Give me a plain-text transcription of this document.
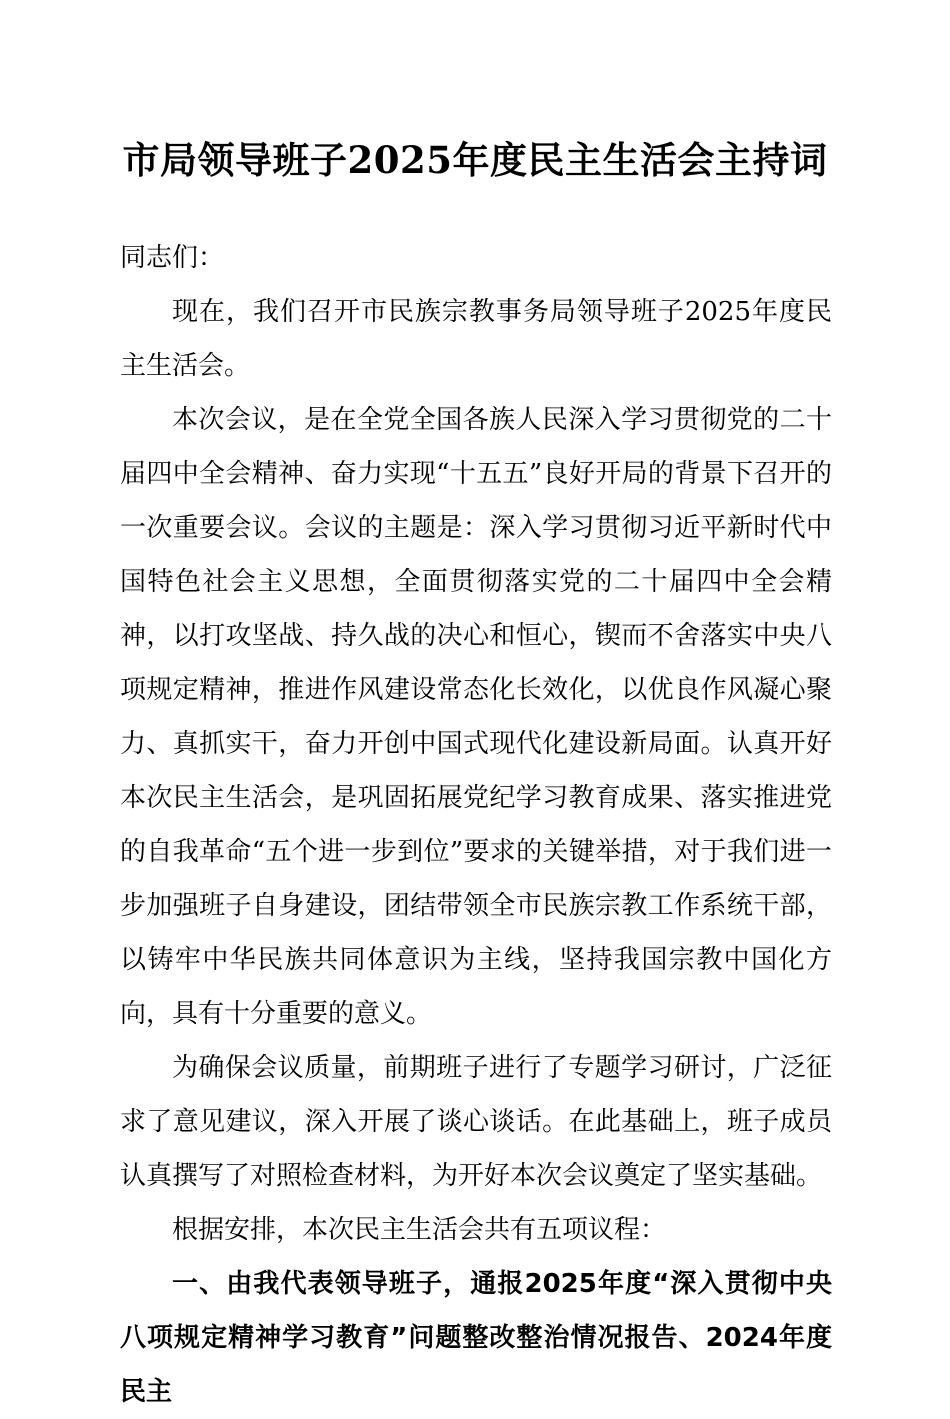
市局领导班子2025年度民主生活会主持词

同志们：

现在，我们召开市民族宗教事务局领导班子2025年度民主生活会。

本次会议，是在全党全国各族人民深入学习贯彻党的二十届四中全会精神、奋力实现“十五五”良好开局的背景下召开的一次重要会议。会议的主题是：深入学习贯彻习近平新时代中国特色社会主义思想，全面贯彻落实党的二十届四中全会精神，以打攻坚战、持久战的决心和恒心，锲而不舍落实中央八项规定精神，推进作风建设常态化长效化，以优良作风凝心聚力、真抓实干，奋力开创中国式现代化建设新局面。认真开好本次民主生活会，是巩固拓展党纪学习教育成果、落实推进党的自我革命“五个进一步到位”要求的关键举措，对于我们进一步加强班子自身建设，团结带领全市民族宗教工作系统干部，以铸牢中华民族共同体意识为主线，坚持我国宗教中国化方向，具有十分重要的意义。

为确保会议质量，前期班子进行了专题学习研讨，广泛征求了意见建议，深入开展了谈心谈话。在此基础上，班子成员认真撰写了对照检查材料，为开好本次会议奠定了坚实基础。

根据安排，本次民主生活会共有五项议程：

一、由我代表领导班子，通报2025年度“深入贯彻中央八项规定精神学习教育”问题整改整治情况报告、2024年度民主
